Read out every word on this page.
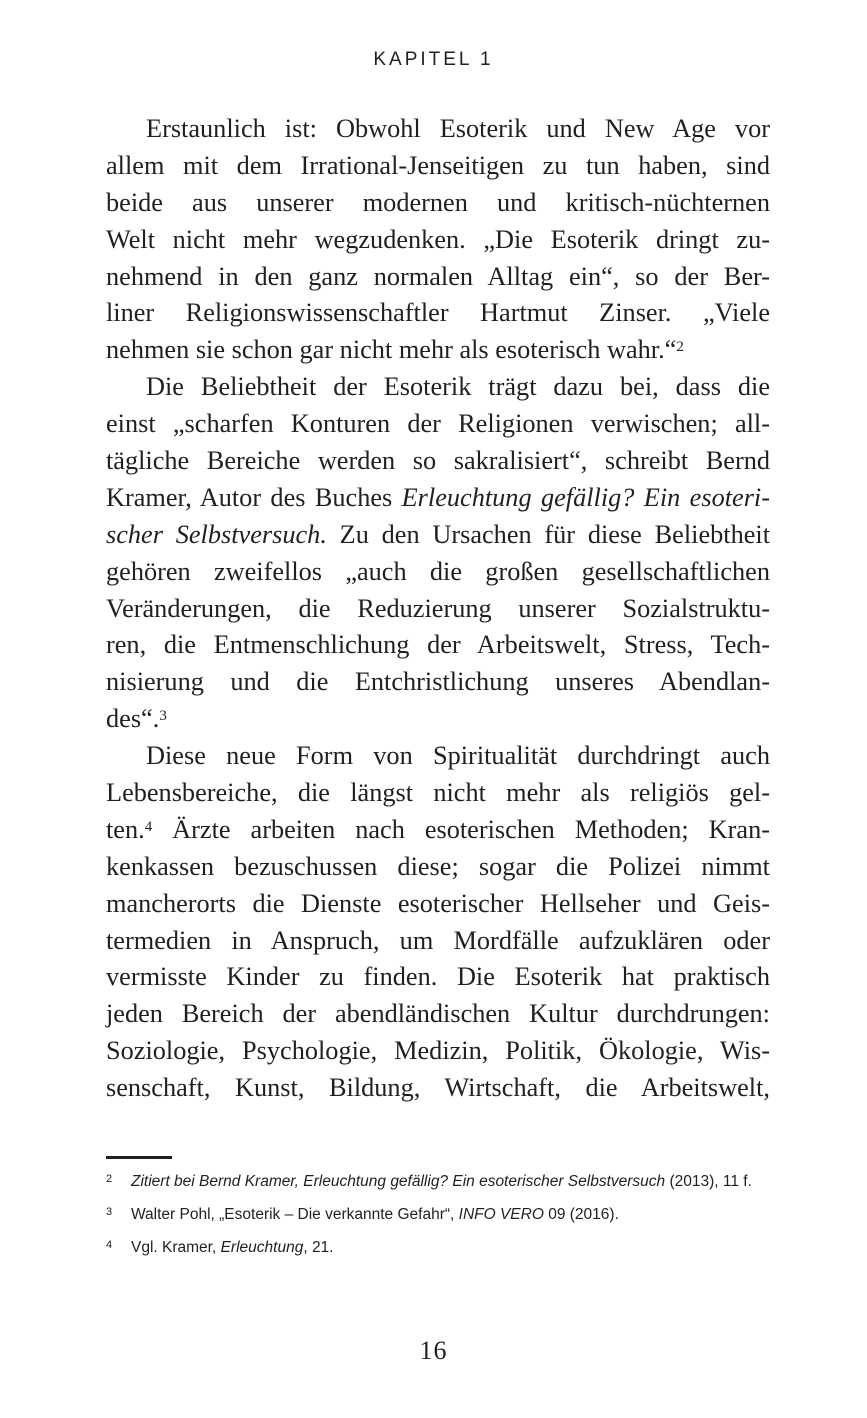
KAPITEL 1
Erstaunlich ist: Obwohl Esoterik und New Age vor
allem mit dem Irrational-Jenseitigen zu tun haben, sind
beide aus unserer modernen und kritisch-nüchternen
Welt nicht mehr wegzudenken. „Die Esoterik dringt zu-
nehmend in den ganz normalen Alltag ein“, so der Ber-
liner Religionswissenschaftler Hartmut Zinser. „Viele
nehmen sie schon gar nicht mehr als esoterisch wahr.“$^2$
Die Beliebtheit der Esoterik trägt dazu bei, dass die
einst „scharfen Konturen der Religionen verwischen; all-
tägliche Bereiche werden so sakralisiert“, schreibt Bernd
Kramer, Autor des Buches Erleuchtung gefällig? Ein esoteri-
scher Selbstversuch. Zu den Ursachen für diese Beliebtheit
gehören zweifellos „auch die großen gesellschaftlichen
Veränderungen, die Reduzierung unserer Sozialstruktu-
ren, die Entmenschlichung der Arbeitswelt, Stress, Tech-
nisierung und die Entchristlichung unseres Abendlan-
des“.$^3$
Diese neue Form von Spiritualität durchdringt auch
Lebensbereiche, die längst nicht mehr als religiös gel-
ten.$^4$ Ärzte arbeiten nach esoterischen Methoden; Kran-
kenkassen bezuschussen diese; sogar die Polizei nimmt
mancherorts die Dienste esoterischer Hellseher und Geis-
termedien in Anspruch, um Mordfälle aufzuklären oder
vermisste Kinder zu finden. Die Esoterik hat praktisch
jeden Bereich der abendländischen Kultur durchdrungen:
Soziologie, Psychologie, Medizin, Politik, Ökologie, Wis-
senschaft, Kunst, Bildung, Wirtschaft, die Arbeitswelt,
2 Zitiert bei Bernd Kramer, Erleuchtung gefällig? Ein esoterischer Selbstversuch (2013), 11 f.
3 Walter Pohl, „Esoterik – Die verkannte Gefahr“, INFO VERO 09 (2016).
4 Vgl. Kramer, Erleuchtung, 21.
16
